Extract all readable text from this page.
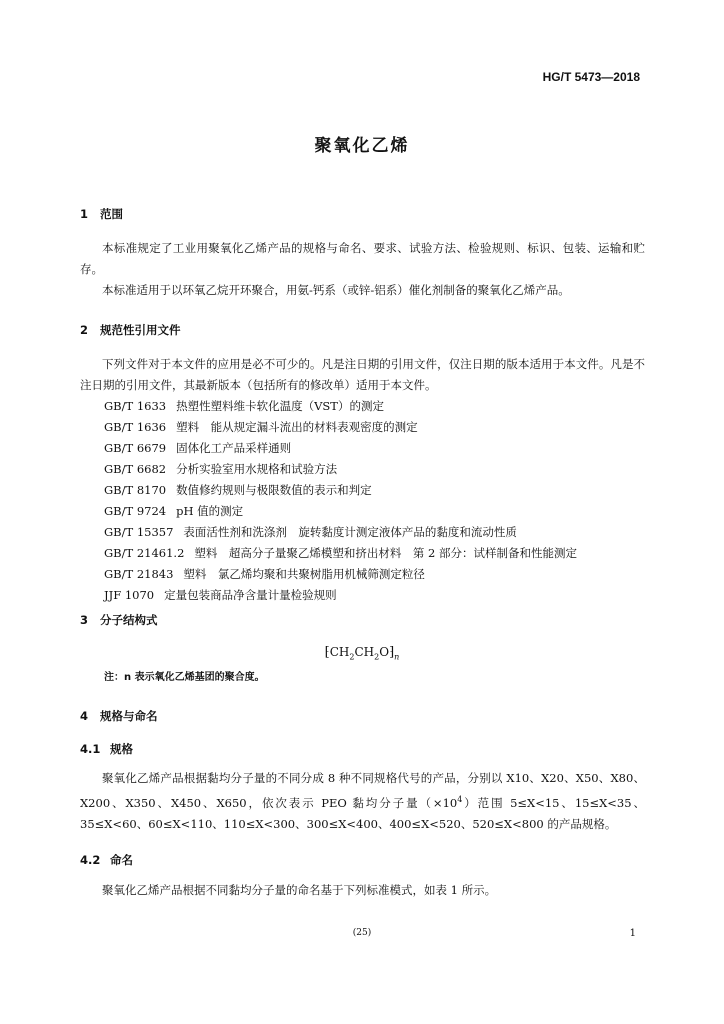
HG/T 5473—2018
聚氧化乙烯
1 范围
本标准规定了工业用聚氧化乙烯产品的规格与命名、要求、试验方法、检验规则、标识、包装、运输和贮存。
本标准适用于以环氧乙烷开环聚合，用氨-钙系（或锌-铝系）催化剂制备的聚氧化乙烯产品。
2 规范性引用文件
下列文件对于本文件的应用是必不可少的。凡是注日期的引用文件，仅注日期的版本适用于本文件。凡是不注日期的引用文件，其最新版本（包括所有的修改单）适用于本文件。
GB/T 1633 热塑性塑料维卡软化温度（VST）的测定
GB/T 1636 塑料　能从规定漏斗流出的材料表观密度的测定
GB/T 6679 固体化工产品采样通则
GB/T 6682 分析实验室用水规格和试验方法
GB/T 8170 数值修约规则与极限数值的表示和判定
GB/T 9724 pH 值的测定
GB/T 15357 表面活性剂和洗涤剂　旋转黏度计测定液体产品的黏度和流动性质
GB/T 21461.2 塑料　超高分子量聚乙烯模塑和挤出材料　第 2 部分：试样制备和性能测定
GB/T 21843 塑料　氯乙烯均聚和共聚树脂用机械筛测定粒径
JJF 1070 定量包装商品净含量计量检验规则
3 分子结构式
$⁅CH_2CH_2O⁆_n$
注：n 表示氧化乙烯基团的聚合度。
4 规格与命名
4.1 规格
聚氧化乙烯产品根据黏均分子量的不同分成 8 种不同规格代号的产品，分别以 X10、X20、X50、X80、X200、X350、X450、X650，依次表示 PEO 黏均分子量$(\times 10^4)$范围 5≤X<15、15≤X<35、35≤X<60、60≤X<110、110≤X<300、300≤X<400、400≤X<520、520≤X<800 的产品规格。
4.2 命名
聚氧化乙烯产品根据不同黏均分子量的命名基于下列标准模式，如表 1 所示。
(25)	1
